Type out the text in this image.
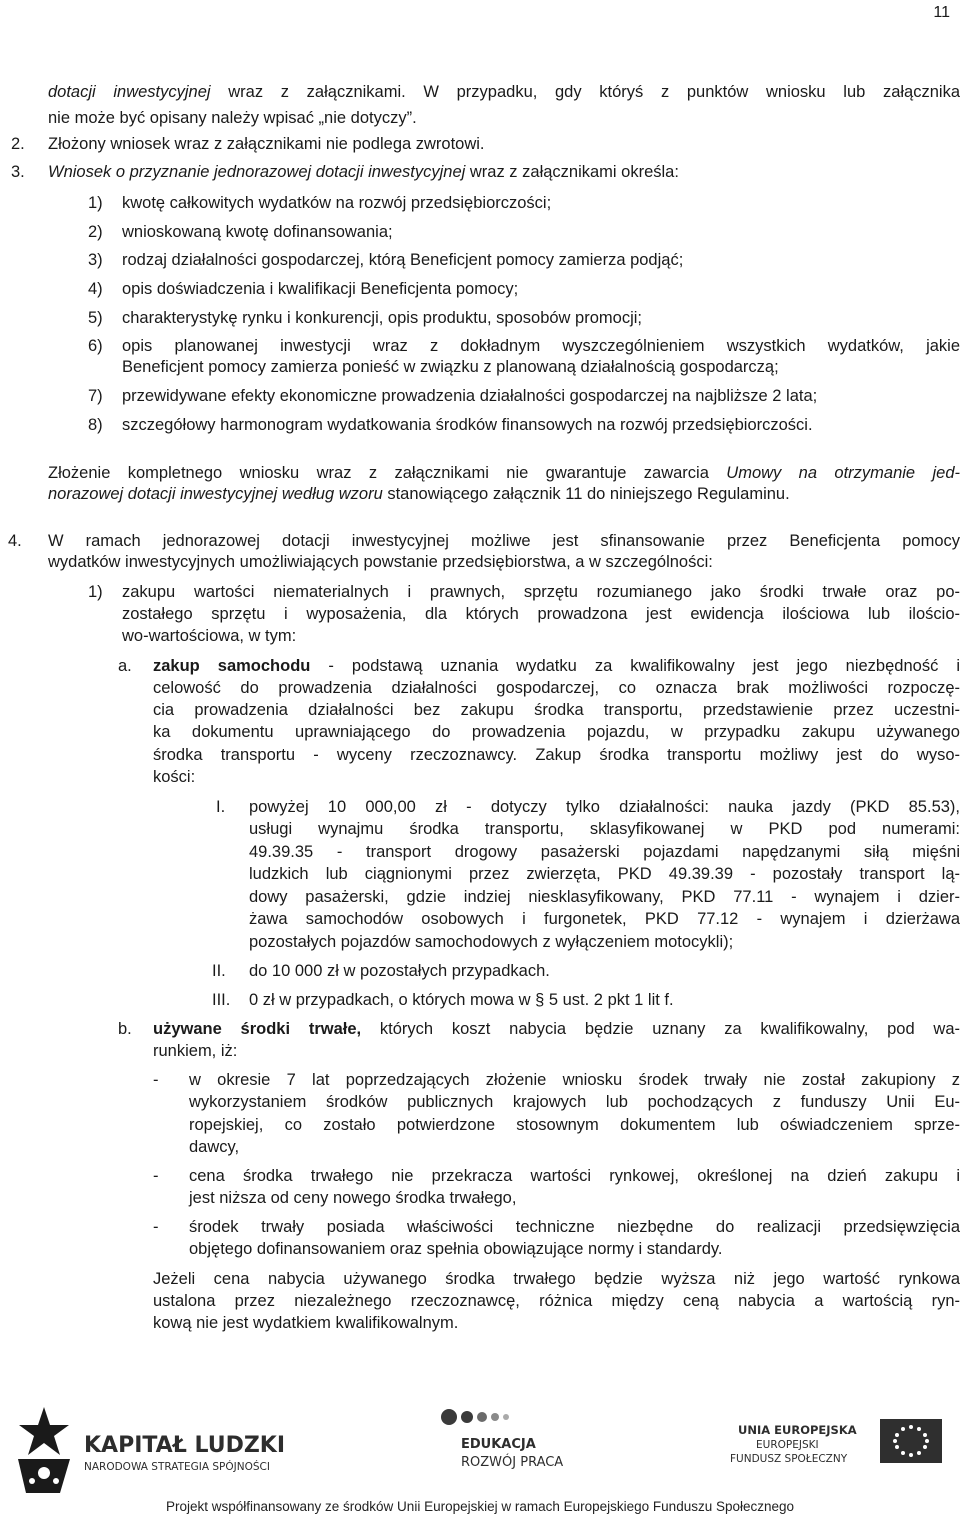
11
dotacji inwestycyjnej wraz z załącznikami. W przypadku, gdy któryś z punktów wniosku lub załącznika
nie może być opisany należy wpisać „nie dotyczy”.
2. Złożony wniosek wraz z załącznikami nie podlega zwrotowi.
3. Wniosek o przyznanie jednorazowej dotacji inwestycyjnej wraz z załącznikami określa:
1) kwotę całkowitych wydatków na rozwój przedsiębiorczości;
2) wnioskowaną kwotę dofinansowania;
3) rodzaj działalności gospodarczej, którą Beneficjent pomocy zamierza podjąć;
4) opis doświadczenia i kwalifikacji Beneficjenta pomocy;
5) charakterystykę rynku i konkurencji, opis produktu, sposobów promocji;
6) opis planowanej inwestycji wraz z dokładnym wyszczególnieniem wszystkich wydatków, jakie
Beneficjent pomocy zamierza ponieść w związku z planowaną działalnością gospodarczą;
7) przewidywane efekty ekonomiczne prowadzenia działalności gospodarczej na najbliższe 2 lata;
8) szczegółowy harmonogram wydatkowania środków finansowych na rozwój przedsiębiorczości.
Złożenie kompletnego wniosku wraz z załącznikami nie gwarantuje zawarcia Umowy na otrzymanie jed-
norazowej dotacji inwestycyjnej według wzoru stanowiącego załącznik 11 do niniejszego Regulaminu.
4. W ramach jednorazowej dotacji inwestycyjnej możliwe jest sfinansowanie przez Beneficjenta pomocy
wydatków inwestycyjnych umożliwiających powstanie przedsiębiorstwa, a w szczególności:
1) zakupu wartości niematerialnych i prawnych, sprzętu rozumianego jako środki trwałe oraz po-
zostałego sprzętu i wyposażenia, dla których prowadzona jest ewidencja ilościowa lub ilościo-
wo-wartościowa, w tym:
a. zakup samochodu - podstawą uznania wydatku za kwalifikowalny jest jego niezbędność i
celowość do prowadzenia działalności gospodarczej, co oznacza brak możliwości rozpoczę-
cia prowadzenia działalności bez zakupu środka transportu, przedstawienie przez uczestni-
ka dokumentu uprawniającego do prowadzenia pojazdu, w przypadku zakupu używanego
środka transportu - wyceny rzeczoznawcy. Zakup środka transportu możliwy jest do wyso-
kości:
I. powyżej 10 000,00 zł - dotyczy tylko działalności: nauka jazdy (PKD 85.53),
usługi wynajmu środka transportu, sklasyfikowanej w PKD pod numerami:
49.39.35 - transport drogowy pasażerski pojazdami napędzanymi siłą mięśni
ludzkich lub ciągnionymi przez zwierzęta, PKD 49.39.39 - pozostały transport lą-
dowy pasażerski, gdzie indziej niesklasyfikowany, PKD 77.11 - wynajem i dzier-
żawa samochodów osobowych i furgonetek, PKD 77.12 - wynajem i dzierżawa
pozostałych pojazdów samochodowych z wyłączeniem motocykli);
II. do 10 000 zł w pozostałych przypadkach.
III. 0 zł w przypadkach, o których mowa w § 5 ust. 2 pkt 1 lit f.
b. używane środki trwałe, których koszt nabycia będzie uznany za kwalifikowalny, pod wa-
runkiem, iż:
- w okresie 7 lat poprzedzających złożenie wniosku środek trwały nie został zakupiony z
wykorzystaniem środków publicznych krajowych lub pochodzących z funduszy Unii Eu-
ropejskiej, co zostało potwierdzone stosownym dokumentem lub oświadczeniem sprze-
dawcy,
- cena środka trwałego nie przekracza wartości rynkowej, określonej na dzień zakupu i
jest niższa od ceny nowego środka trwałego,
- środek trwały posiada właściwości techniczne niezbędne do realizacji przedsięwzięcia
objętego dofinansowaniem oraz spełnia obowiązujące normy i standardy.
Jeżeli cena nabycia używanego środka trwałego będzie wyższa niż jego wartość rynkowa
ustalona przez niezależnego rzeczoznawcę, różnica między ceną nabycia a wartością ryn-
kową nie jest wydatkiem kwalifikowalnym.
KAPITAŁ LUDZKI
NARODOWA STRATEGIA SPÓJNOŚCI
EDUKACJA
ROZWÓJ PRACA
UNIA EUROPEJSKA
EUROPEJSKI
FUNDUSZ SPOŁECZNY
Projekt współfinansowany ze środków Unii Europejskiej w ramach Europejskiego Funduszu Społecznego
